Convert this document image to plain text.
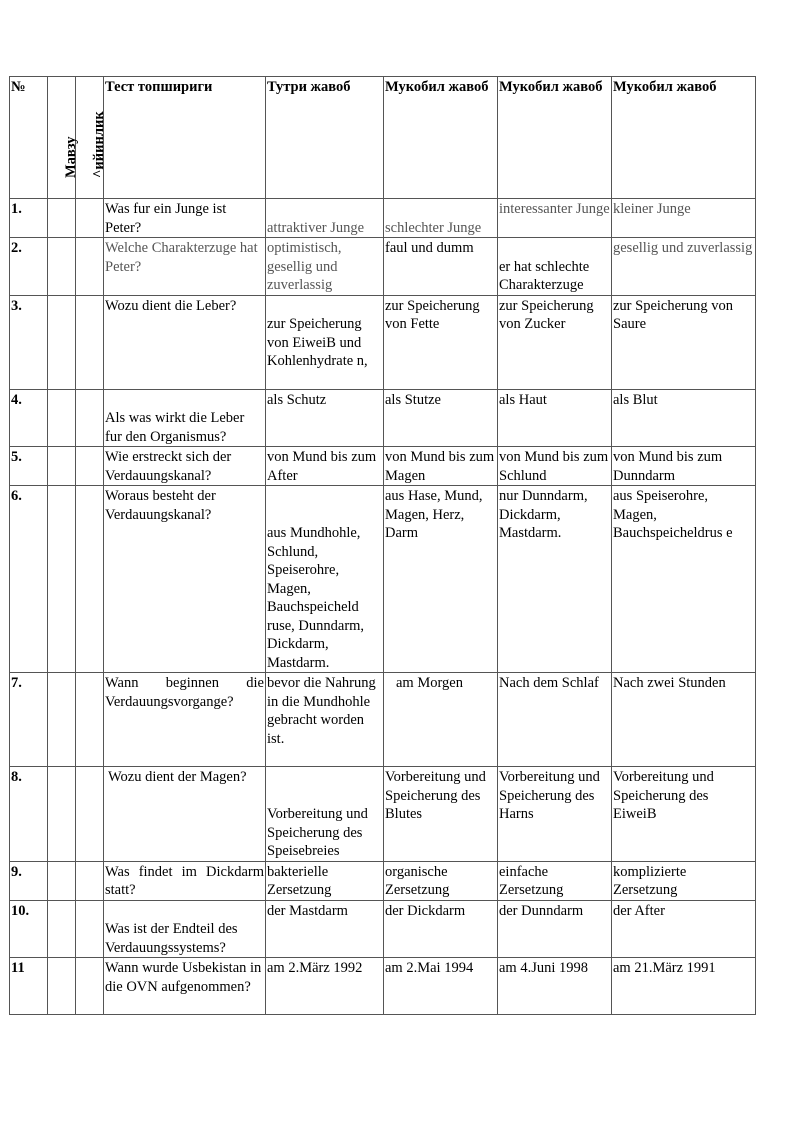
№	Мавзу	^ийинлик	Тест топшириги	Тутри жавоб	Мукобил жавоб	Мукобил жавоб	Мукобил жавоб
1.			Was fur ein Junge ist Peter?	attraktiver Junge	schlechter Junge	interessanter Junge	kleiner Junge
2.			Welche Charakterzuge hat Peter?	optimistisch, gesellig und zuverlassig	faul und dumm	er hat schlechte Charakterzuge	gesellig und zuverlassig
3.			Wozu dient die Leber?	zur Speicherung von EiweiB und Kohlenhydrate n,	zur Speicherung von Fette	zur Speicherung von Zucker	zur Speicherung von Saure
4.			Als was wirkt die Leber fur den Organismus?	als Schutz	als Stutze	als Haut	als Blut
5.			Wie erstreckt sich der Verdauungskanal?	von Mund bis zum After	von Mund bis zum Magen	von Mund bis zum Schlund	von Mund bis zum Dunndarm
6.			Woraus besteht der Verdauungskanal?	aus Mundhohle, Schlund, Speiserohre, Magen, Bauchspeicheld ruse, Dunndarm, Dickdarm, Mastdarm.	aus Hase, Mund, Magen, Herz, Darm	nur Dunndarm, Dickdarm, Mastdarm.	aus Speiserohre, Magen, Bauchspeicheldrus e
7.			Wann beginnen die Verdauungsvorgange?	bevor die Nahrung in die Mundhohle gebracht worden ist.	am Morgen	Nach dem Schlaf	Nach zwei Stunden
8.			Wozu dient der Magen?	Vorbereitung und Speicherung des Speisebreies	Vorbereitung und Speicherung des Blutes	Vorbereitung und Speicherung des Harns	Vorbereitung und Speicherung des EiweiB
9.			Was findet im Dickdarm statt?	bakterielle Zersetzung	organische Zersetzung	einfache Zersetzung	komplizierte Zersetzung
10.			Was ist der Endteil des Verdauungssystems?	der Mastdarm	der Dickdarm	der Dunndarm	der After
11			Wann wurde Usbekistan in die OVN aufgenommen?	am 2.März 1992	am 2.Mai 1994	am 4.Juni 1998	am 21.März 1991
